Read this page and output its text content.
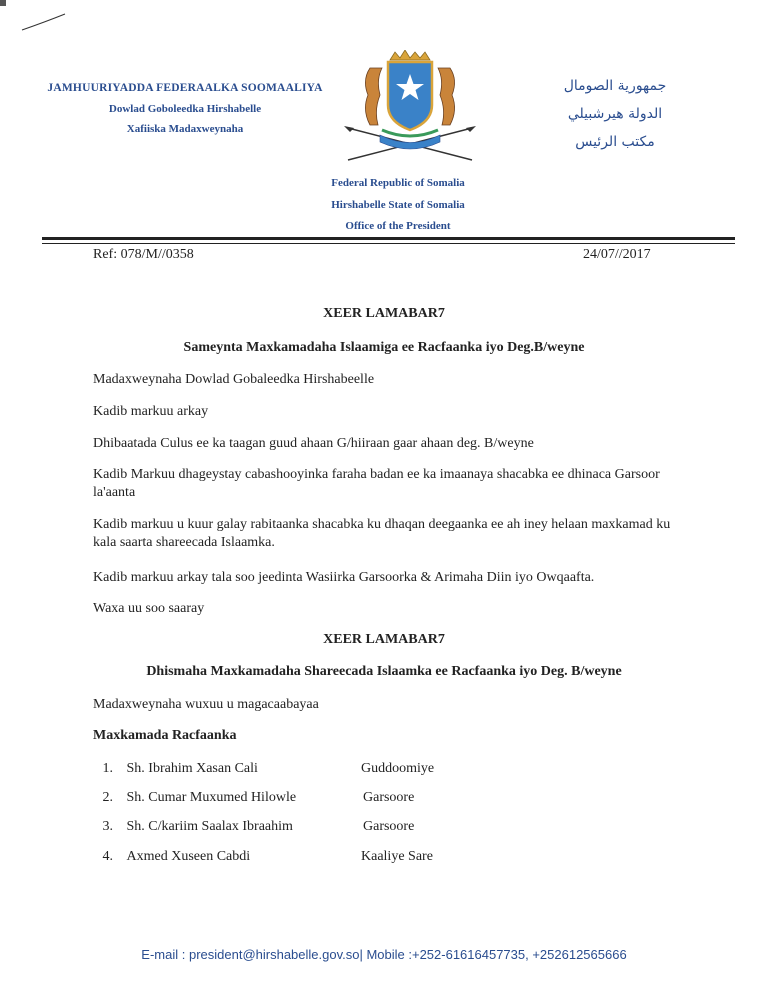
JAMHUURIYADDA FEDERAALKA SOOMAALIYA
Dowlad Goboleedka Hirshabelle
Xafiiska Madaxweynaha
جمهورية الصومال
الدولة هيرشبيلي
مكتب الرئيس
Federal Republic of Somalia
Hirshabelle State of Somalia
Office of the President
Ref: 078/M//0358	24/07//2017
XEER LAMABAR7
Sameynta Maxkamadaha Islaamiga ee Racfaanka iyo Deg.B/weyne
Madaxweynaha Dowlad Gobaleedka Hirshabeelle
Kadib markuu arkay
Dhibaatada Culus ee ka taagan guud ahaan G/hiiraan gaar ahaan deg. B/weyne
Kadib Markuu dhageystay cabashooyinka faraha badan ee ka imaanaya shacabka ee dhinaca Garsoor la'aanta
Kadib markuu u kuur galay rabitaanka shacabka ku dhaqan deegaanka ee ah iney helaan maxkamad ku kala saarta shareecada Islaamka.
Kadib markuu arkay tala soo jeedinta Wasiirka Garsoorka & Arimaha Diin iyo Owqaafta.
Waxa uu soo saaray
XEER LAMABAR7
Dhismaha Maxkamadaha Shareecada Islaamka ee Racfaanka iyo Deg. B/weyne
Madaxweynaha wuxuu u magacaabayaa
Maxkamada Racfaanka
1. Sh. Ibrahim Xasan Cali	Guddoomiye
2. Sh. Cumar Muxumed Hilowle	Garsoore
3. Sh. C/kariim Saalax Ibraahim	Garsoore
4. Axmed Xuseen Cabdi	Kaaliye Sare
E-mail : president@hirshabelle.gov.so| Mobile :+252-61616457735, +252612565666
